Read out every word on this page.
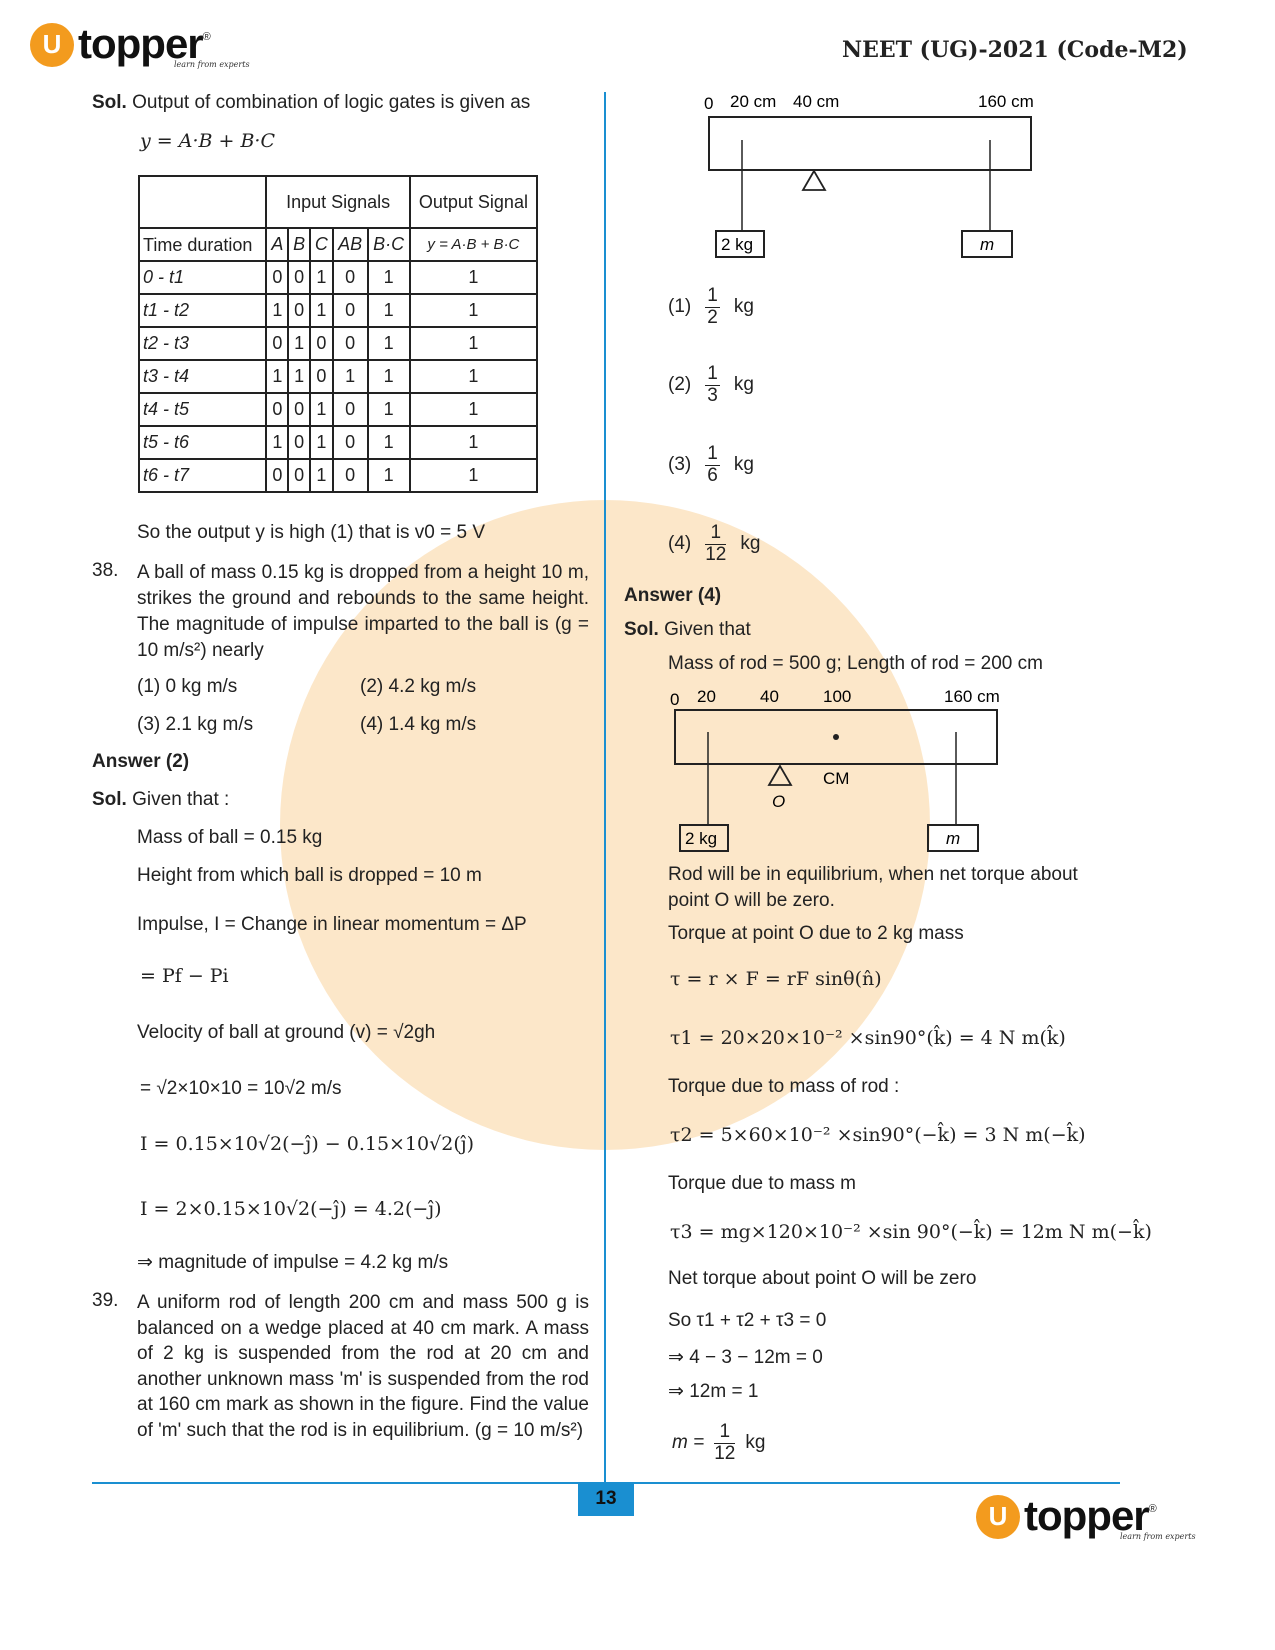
U topper®
learn from experts
NEET (UG)-2021 (Code-M2)
Sol. Output of combination of logic gates is given as
y = A·B + B·C
	Input Signals					Output Signal
Time duration	A	B	C	AB	B·C	y = A·B + B·C
0 - t1	0	0	1	0	1	1
t1 - t2	1	0	1	0	1	1
t2 - t3	0	1	0	0	1	1
t3 - t4	1	1	0	1	1	1
t4 - t5	0	0	1	0	1	1
t5 - t6	1	0	1	0	1	1
t6 - t7	0	0	1	0	1	1
So the output y is high (1) that is v0 = 5 V
38. A ball of mass 0.15 kg is dropped from a height 10 m, strikes the ground and rebounds to the same height. The magnitude of impulse imparted to the ball is (g = 10 m/s²) nearly
(1) 0 kg m/s	(2) 4.2 kg m/s
(3) 2.1 kg m/s	(4) 1.4 kg m/s
Answer (2)
Sol. Given that :
Mass of ball = 0.15 kg
Height from which ball is dropped = 10 m
Impulse, I = Change in linear momentum = ΔP
= Pf − Pi
Velocity of ball at ground (v) = √2gh
= √2×10×10 = 10√2 m/s
I = 0.15×10√2(−ĵ) − 0.15×10√2(ĵ)
I = 2×0.15×10√2(−ĵ) = 4.2(−ĵ)
⇒ magnitude of impulse = 4.2 kg m/s
39. A uniform rod of length 200 cm and mass 500 g is balanced on a wedge placed at 40 cm mark. A mass of 2 kg is suspended from the rod at 20 cm and another unknown mass 'm' is suspended from the rod at 160 cm mark as shown in the figure. Find the value of 'm' such that the rod is in equilibrium. (g = 10 m/s²)
0 20 cm 40 cm	160 cm
2 kg	m
$(1) \frac{1}{2}$ kg
$(2) \frac{1}{3}$ kg
$(3) \frac{1}{6}$ kg
$(4) \frac{1}{12}$ kg
Answer (4)
Sol. Given that
Mass of rod = 500 g; Length of rod = 200 cm
0 20	40	100	160 cm
CM
O
2 kg	m
Rod will be in equilibrium, when net torque about point O will be zero.
Torque at point O due to 2 kg mass
τ = r × F = rF sinθ(n̂)
τ1 = 20×20×10⁻² ×sin90°(k̂) = 4 N m(k̂)
Torque due to mass of rod :
τ2 = 5×60×10⁻² ×sin90°(−k̂) = 3 N m(−k̂)
Torque due to mass m
τ3 = mg×120×10⁻² ×sin 90°(−k̂) = 12m N m(−k̂)
Net torque about point O will be zero
So τ1 + τ2 + τ3 = 0
⇒ 4 − 3 − 12m = 0
⇒ 12m = 1
$m = \frac{1}{12}$ kg
13
U topper®
learn from experts
